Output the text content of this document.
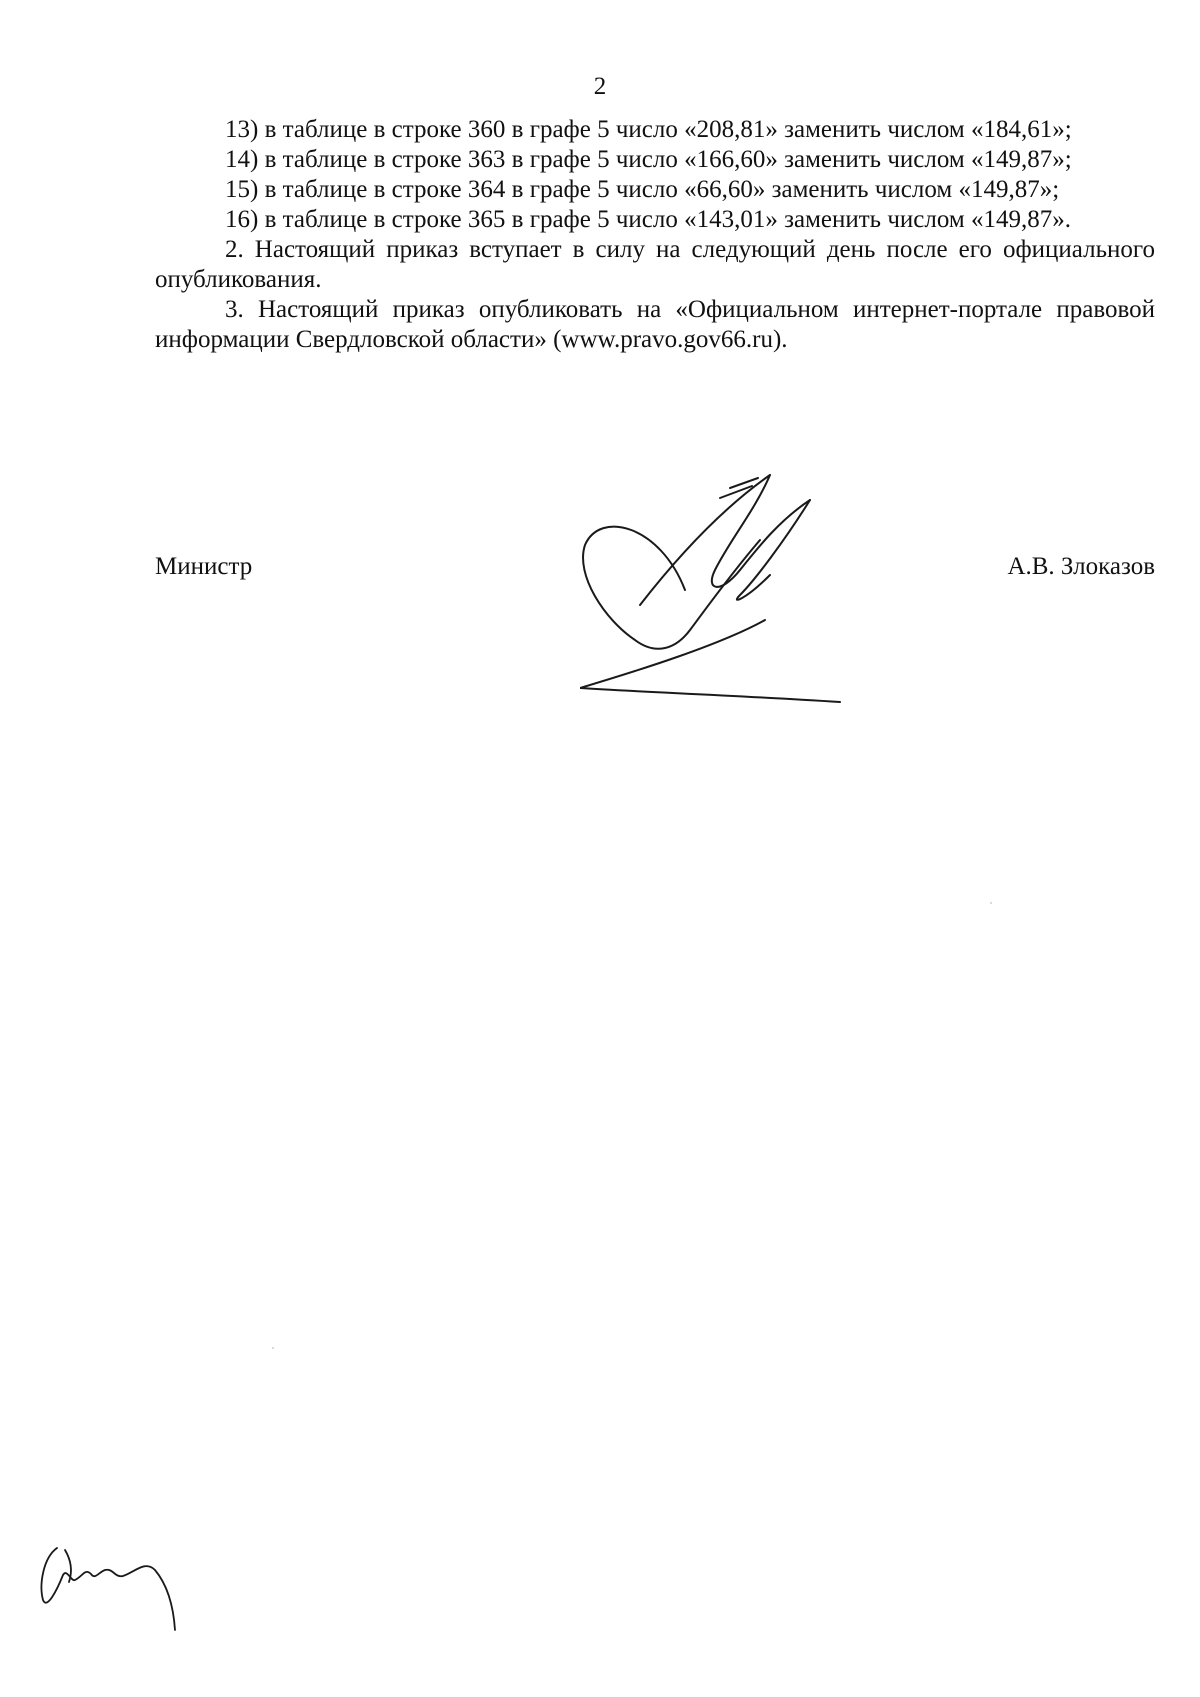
2

13) в таблице в строке 360 в графе 5 число «208,81» заменить числом «184,61»;

14) в таблице в строке 363 в графе 5 число «166,60» заменить числом «149,87»;

15) в таблице в строке 364 в графе 5 число «66,60» заменить числом «149,87»;

16) в таблице в строке 365 в графе 5 число «143,01» заменить числом «149,87».

2. Настоящий приказ вступает в силу на следующий день после его официального опубликования.

3. Настоящий приказ опубликовать на «Официальном интернет-портале правовой информации Свердловской области» (www.pravo.gov66.ru).

Министр	А.В. Злоказов
